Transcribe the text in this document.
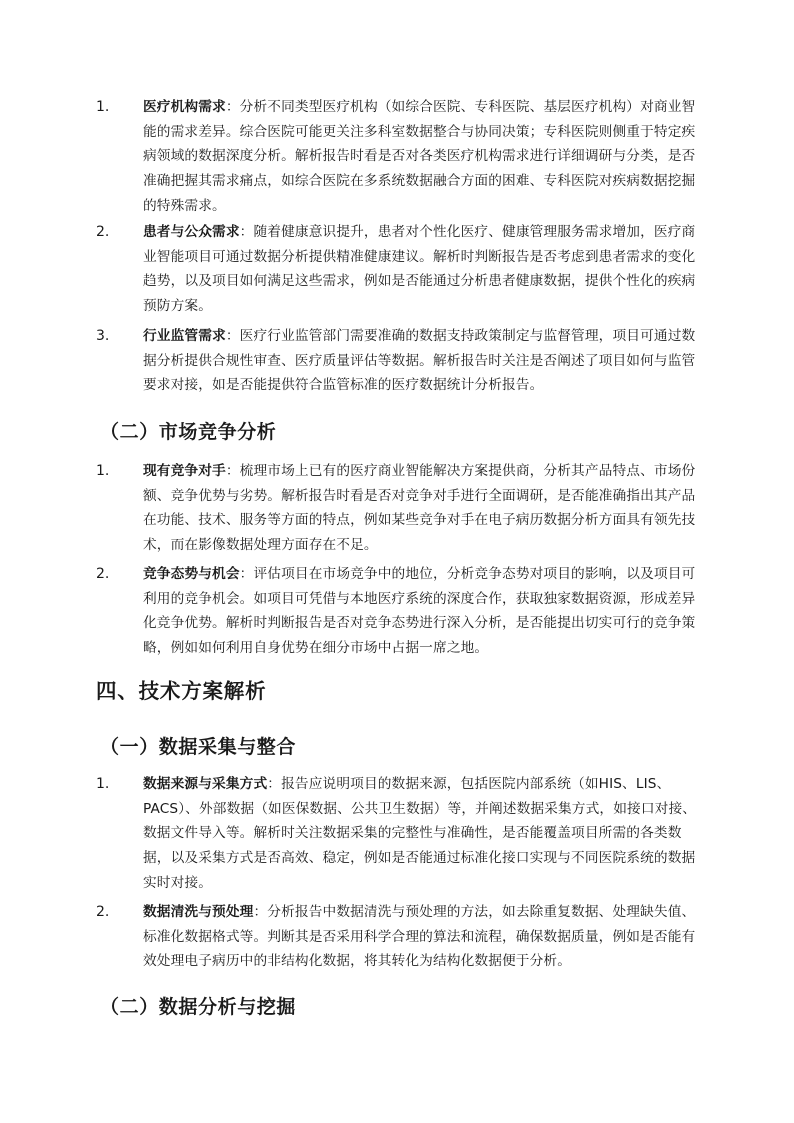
1. 医疗机构需求：分析不同类型医疗机构（如综合医院、专科医院、基层医疗机构）对商业智能的需求差异。综合医院可能更关注多科室数据整合与协同决策；专科医院则侧重于特定疾病领域的数据深度分析。解析报告时看是否对各类医疗机构需求进行详细调研与分类，是否准确把握其需求痛点，如综合医院在多系统数据融合方面的困难、专科医院对疾病数据挖掘的特殊需求。
2. 患者与公众需求：随着健康意识提升，患者对个性化医疗、健康管理服务需求增加，医疗商业智能项目可通过数据分析提供精准健康建议。解析时判断报告是否考虑到患者需求的变化趋势，以及项目如何满足这些需求，例如是否能通过分析患者健康数据，提供个性化的疾病预防方案。
3. 行业监管需求：医疗行业监管部门需要准确的数据支持政策制定与监督管理，项目可通过数据分析提供合规性审查、医疗质量评估等数据。解析报告时关注是否阐述了项目如何与监管要求对接，如是否能提供符合监管标准的医疗数据统计分析报告。
（二）市场竞争分析
1. 现有竞争对手：梳理市场上已有的医疗商业智能解决方案提供商，分析其产品特点、市场份额、竞争优势与劣势。解析报告时看是否对竞争对手进行全面调研，是否能准确指出其产品在功能、技术、服务等方面的特点，例如某些竞争对手在电子病历数据分析方面具有领先技术，而在影像数据处理方面存在不足。
2. 竞争态势与机会：评估项目在市场竞争中的地位，分析竞争态势对项目的影响，以及项目可利用的竞争机会。如项目可凭借与本地医疗系统的深度合作，获取独家数据资源，形成差异化竞争优势。解析时判断报告是否对竞争态势进行深入分析，是否能提出切实可行的竞争策略，例如如何利用自身优势在细分市场中占据一席之地。
四、技术方案解析
（一）数据采集与整合
1. 数据来源与采集方式：报告应说明项目的数据来源，包括医院内部系统（如HIS、LIS、PACS）、外部数据（如医保数据、公共卫生数据）等，并阐述数据采集方式，如接口对接、数据文件导入等。解析时关注数据采集的完整性与准确性，是否能覆盖项目所需的各类数据，以及采集方式是否高效、稳定，例如是否能通过标准化接口实现与不同医院系统的数据实时对接。
2. 数据清洗与预处理：分析报告中数据清洗与预处理的方法，如去除重复数据、处理缺失值、标准化数据格式等。判断其是否采用科学合理的算法和流程，确保数据质量，例如是否能有效处理电子病历中的非结构化数据，将其转化为结构化数据便于分析。
（二）数据分析与挖掘
